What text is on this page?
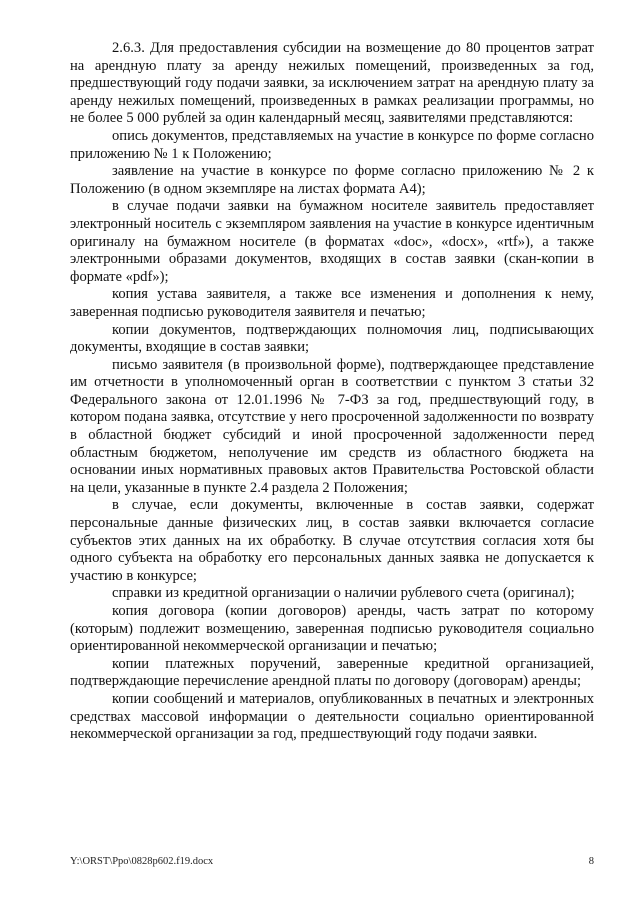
2.6.3. Для предоставления субсидии на возмещение до 80 процентов затрат на арендную плату за аренду нежилых помещений, произведенных за год, предшествующий году подачи заявки, за исключением затрат на арендную плату за аренду нежилых помещений, произведенных в рамках реализации программы, но не более 5 000 рублей за один календарный месяц, заявителями представляются:

опись документов, представляемых на участие в конкурсе по форме согласно приложению № 1 к Положению;

заявление на участие в конкурсе по форме согласно приложению № 2 к Положению (в одном экземпляре на листах формата А4);

в случае подачи заявки на бумажном носителе заявитель предоставляет электронный носитель с экземпляром заявления на участие в конкурсе идентичным оригиналу на бумажном носителе (в форматах «doc», «docx», «rtf»), а также электронными образами документов, входящих в состав заявки (скан-копии в формате «pdf»);

копия устава заявителя, а также все изменения и дополнения к нему, заверенная подписью руководителя заявителя и печатью;

копии документов, подтверждающих полномочия лиц, подписывающих документы, входящие в состав заявки;

письмо заявителя (в произвольной форме), подтверждающее представление им отчетности в уполномоченный орган в соответствии с пунктом 3 статьи 32 Федерального закона от 12.01.1996 № 7-ФЗ за год, предшествующий году, в котором подана заявка, отсутствие у него просроченной задолженности по возврату в областной бюджет субсидий и иной просроченной задолженности перед областным бюджетом, неполучение им средств из областного бюджета на основании иных нормативных правовых актов Правительства Ростовской области на цели, указанные в пункте 2.4 раздела 2 Положения;

в случае, если документы, включенные в состав заявки, содержат персональные данные физических лиц, в состав заявки включается согласие субъектов этих данных на их обработку. В случае отсутствия согласия хотя бы одного субъекта на обработку его персональных данных заявка не допускается к участию в конкурсе;

справки из кредитной организации о наличии рублевого счета (оригинал);

копия договора (копии договоров) аренды, часть затрат по которому (которым) подлежит возмещению, заверенная подписью руководителя социально ориентированной некоммерческой организации и печатью;

копии платежных поручений, заверенные кредитной организацией, подтверждающие перечисление арендной платы по договору (договорам) аренды;

копии сообщений и материалов, опубликованных в печатных и электронных средствах массовой информации о деятельности социально ориентированной некоммерческой организации за год, предшествующий году подачи заявки.

Y:\ORST\Ppo\0828p602.f19.docx	8
